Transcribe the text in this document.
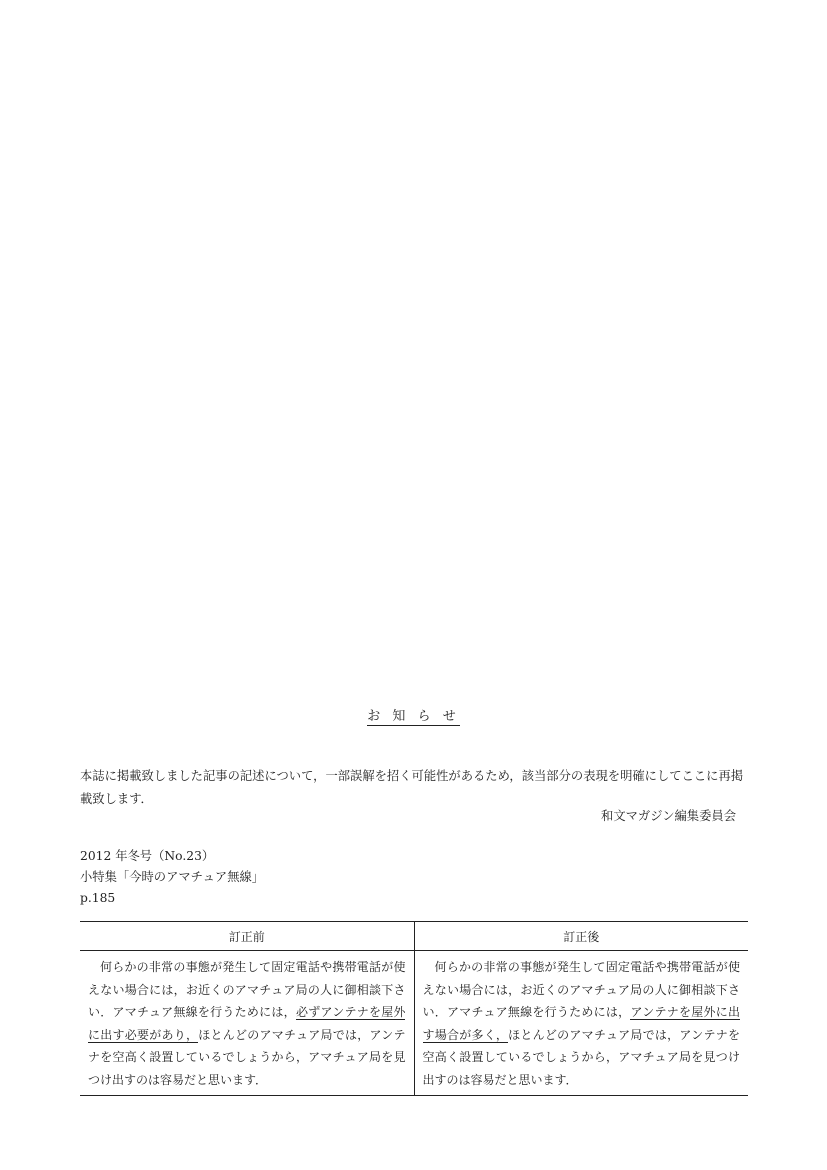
お 知 ら せ

本誌に掲載致しました記事の記述について，一部誤解を招く可能性があるため，該当部分の表現を明確にしてここに再掲載致します．

和文マガジン編集委員会
2012 年冬号（No.23）
小特集「今時のアマチュア無線」
p.185
訂正前	訂正後
何らかの非常の事態が発生して固定電話や携帯電話が使えない場合には，お近くのアマチュア局の人に御相談下さい．アマチュア無線を行うためには，必ずアンテナを屋外に出す必要があり，ほとんどのアマチュア局では，アンテナを空高く設置しているでしょうから，アマチュア局を見つけ出すのは容易だと思います．	何らかの非常の事態が発生して固定電話や携帯電話が使えない場合には，お近くのアマチュア局の人に御相談下さい．アマチュア無線を行うためには，アンテナを屋外に出す場合が多く，ほとんどのアマチュア局では，アンテナを空高く設置しているでしょうから，アマチュア局を見つけ出すのは容易だと思います．
